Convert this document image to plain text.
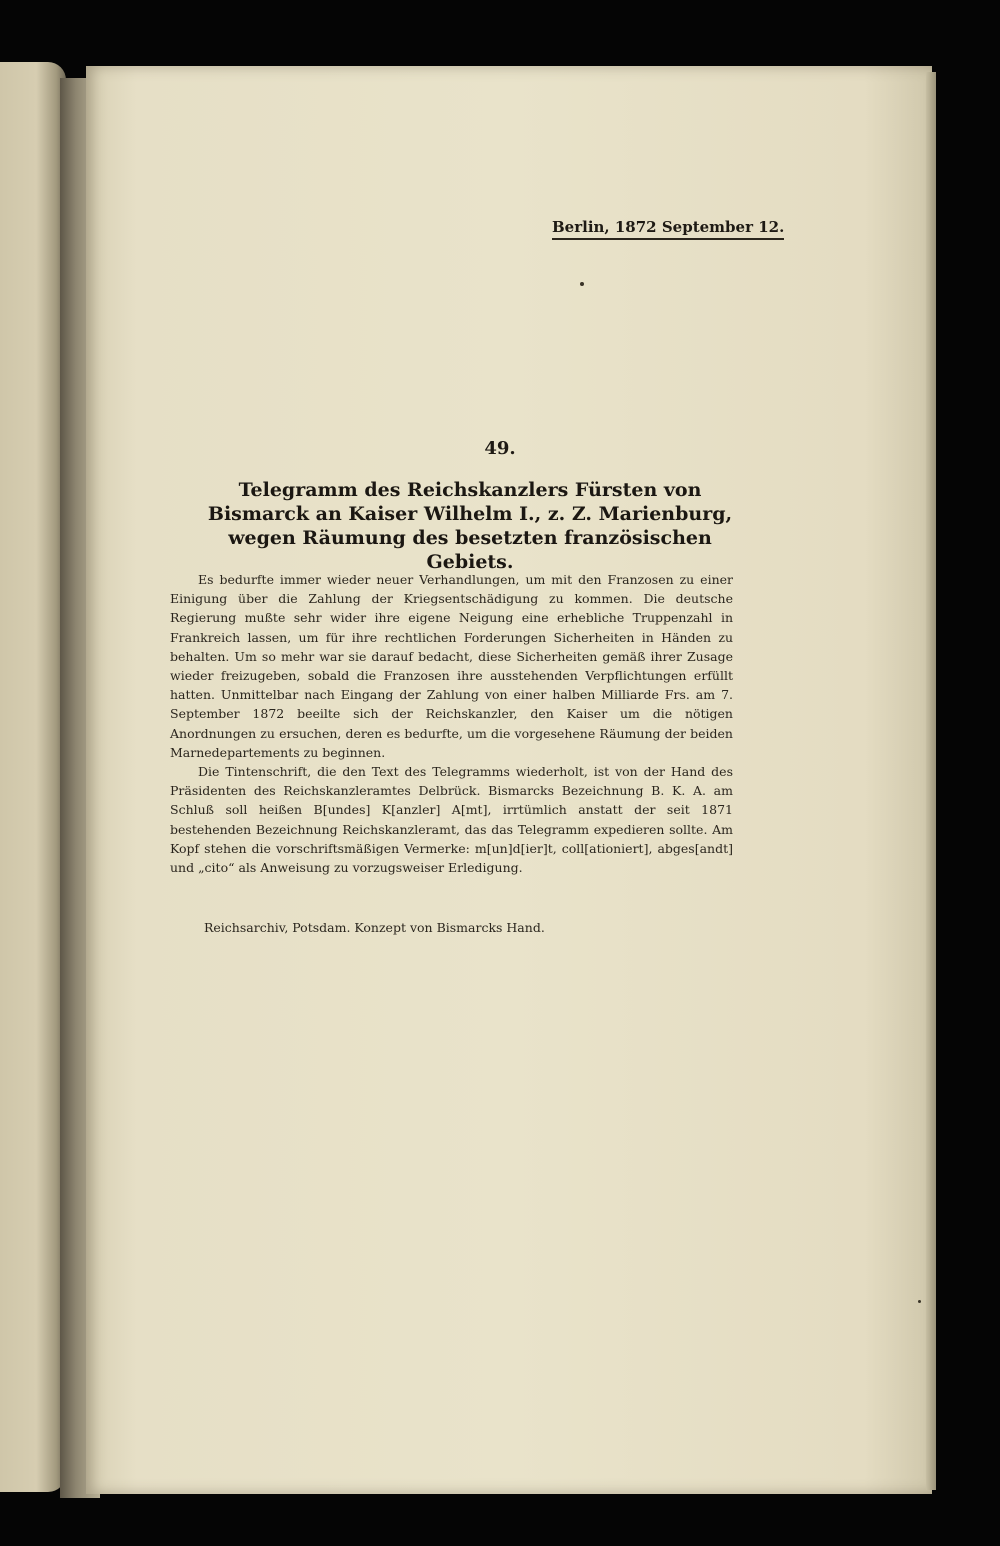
​
Berlin, 1872 September 12.
49.
Telegramm des Reichskanzlers Fürsten von Bismarck an Kaiser Wilhelm I., z. Z. Marienburg, wegen Räumung des besetzten französischen Gebiets.

Es bedurfte immer wieder neuer Verhandlungen, um mit den Franzosen zu einer Einigung über die Zahlung der Kriegsentschädigung zu kommen. Die deutsche Regierung mußte sehr wider ihre eigene Neigung eine erhebliche Truppenzahl in Frankreich lassen, um für ihre rechtlichen Forderungen Sicherheiten in Händen zu behalten. Um so mehr war sie darauf bedacht, diese Sicherheiten gemäß ihrer Zusage wieder freizugeben, sobald die Franzosen ihre ausstehenden Verpflichtungen erfüllt hatten. Unmittelbar nach Eingang der Zahlung von einer halben Milliarde Frs. am 7. September 1872 beeilte sich der Reichskanzler, den Kaiser um die nötigen Anordnungen zu ersuchen, deren es bedurfte, um die vorgesehene Räumung der beiden Marnedepartements zu beginnen.

Die Tintenschrift, die den Text des Telegramms wiederholt, ist von der Hand des Präsidenten des Reichskanzleramtes Delbrück. Bismarcks Bezeichnung B. K. A. am Schluß soll heißen B[undes] K[anzler] A[mt], irrtümlich anstatt der seit 1871 bestehenden Bezeichnung Reichskanzleramt, das das Telegramm expedieren sollte. Am Kopf stehen die vorschriftsmäßigen Vermerke: m[un]d[ier]t, coll[ationiert], abges[andt] und „cito“ als Anweisung zu vorzugsweiser Erledigung.

Reichsarchiv, Potsdam. Konzept von Bismarcks Hand.
